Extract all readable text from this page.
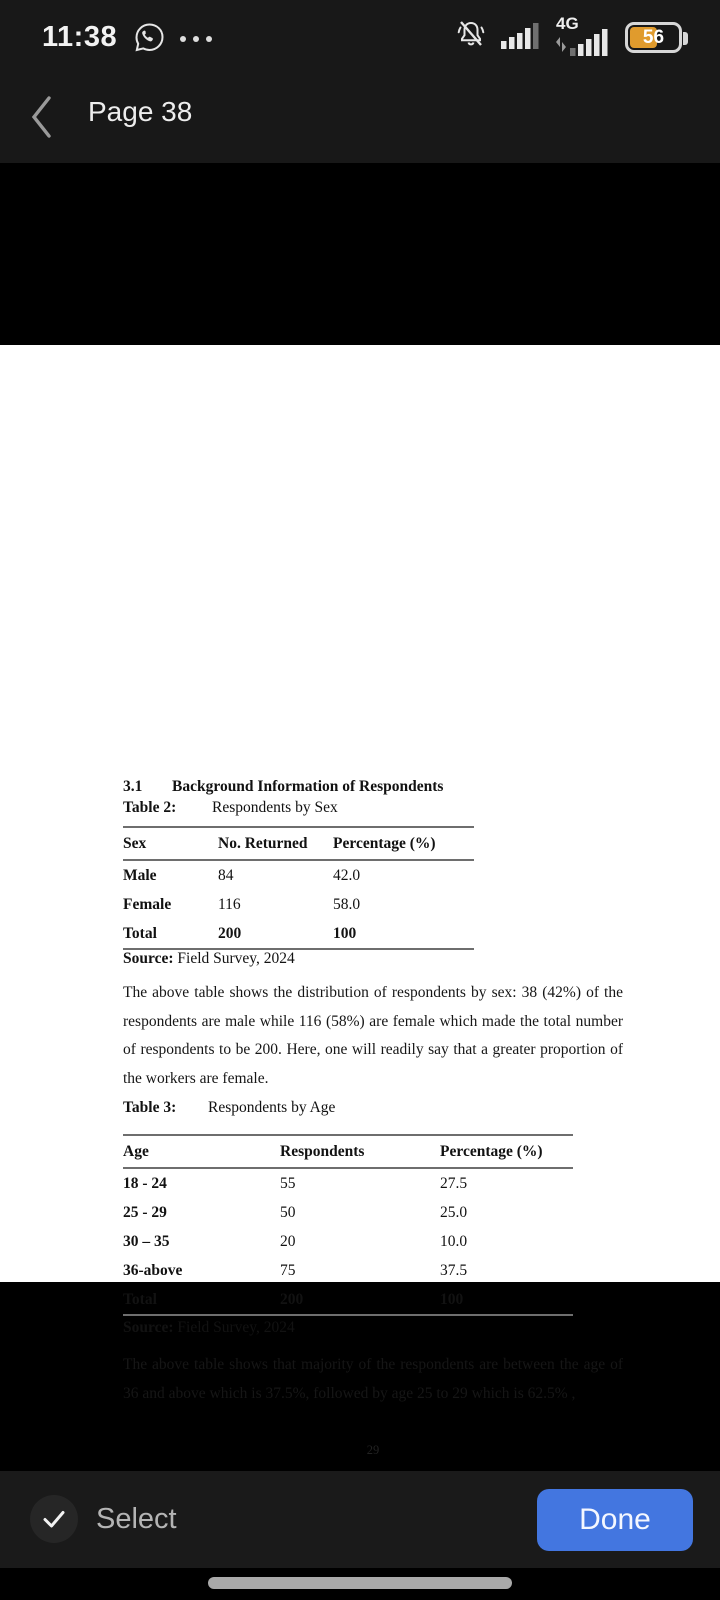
11:38	4G
56
Page 38
3.1 Background Information of Respondents
Table 2: Respondents by Sex
Sex	No. Returned	Percentage (%)
Male	84	42.0
Female	116	58.0
Total	200	100
Source: Field Survey, 2024
The above table shows the distribution of respondents by sex: 38 (42%) of the respondents are male while 116 (58%) are female which made the total number of respondents to be 200. Here, one will readily say that a greater proportion of the workers are female.
Table 3: Respondents by Age
Age	Respondents	Percentage (%)
18 - 24	55	27.5
25 - 29	50	25.0
30 – 35	20	10.0
36-above	75	37.5
Total	200	100
Source: Field Survey, 2024
The above table shows that majority of the respondents are between the age of 36 and above which is 37.5%, followed by age 25 to 29 which is 62.5% ,
29
Select	Done
